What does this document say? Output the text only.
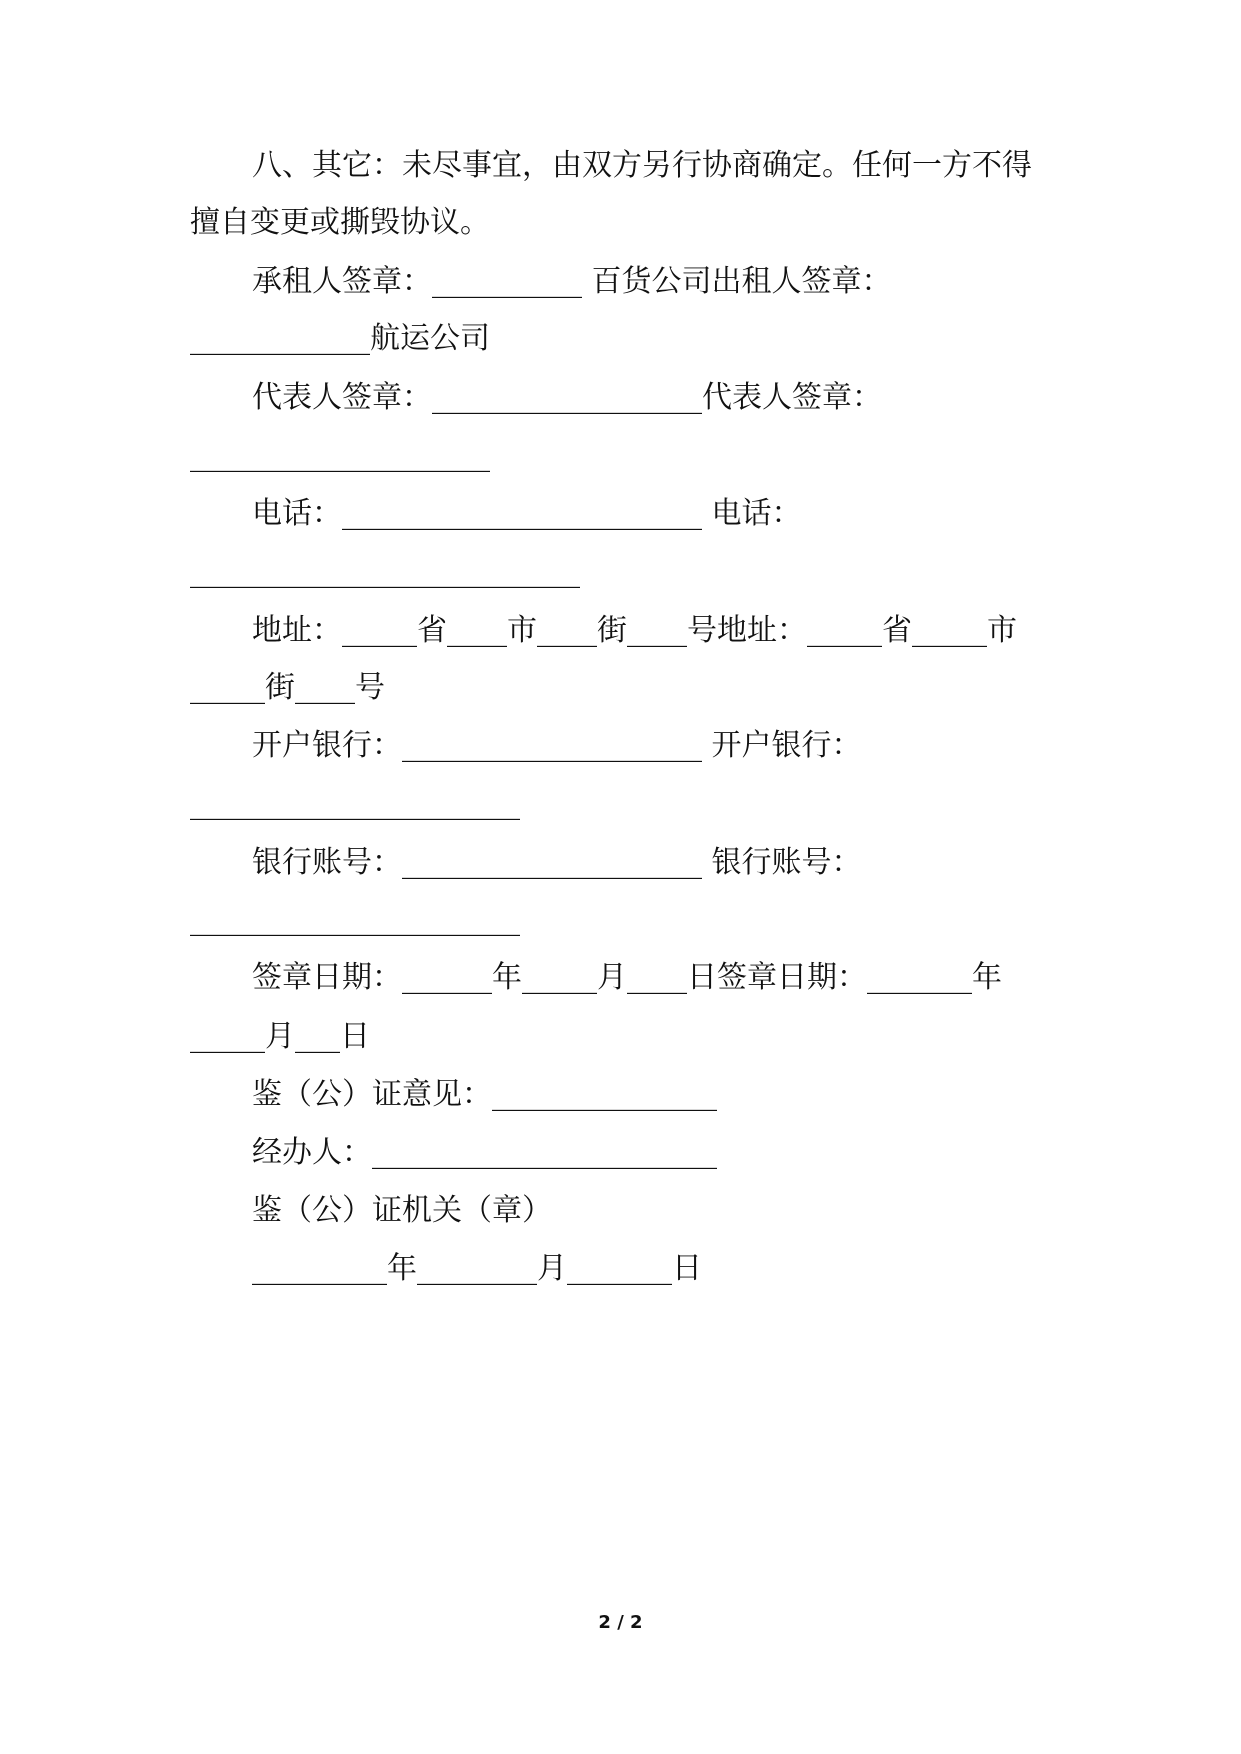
八、其它：未尽事宜，由双方另行协商确定。任何一方不得
擅自变更或撕毁协议。
承租人签章：__________ 百货公司出租人签章：
____________航运公司
代表人签章：__________________代表人签章：
____________________
电话：________________________ 电话：
__________________________
地址：_____省____市____街____号地址：_____省_____市
_____街____号
开户银行：____________________ 开户银行：
______________________
银行账号：____________________ 银行账号：
______________________
签章日期：______年_____月____日签章日期：_______年
_____月___日
鉴（公）证意见：_______________
经办人：_______________________
鉴（公）证机关（章）
_________年________月_______日
2 / 2
